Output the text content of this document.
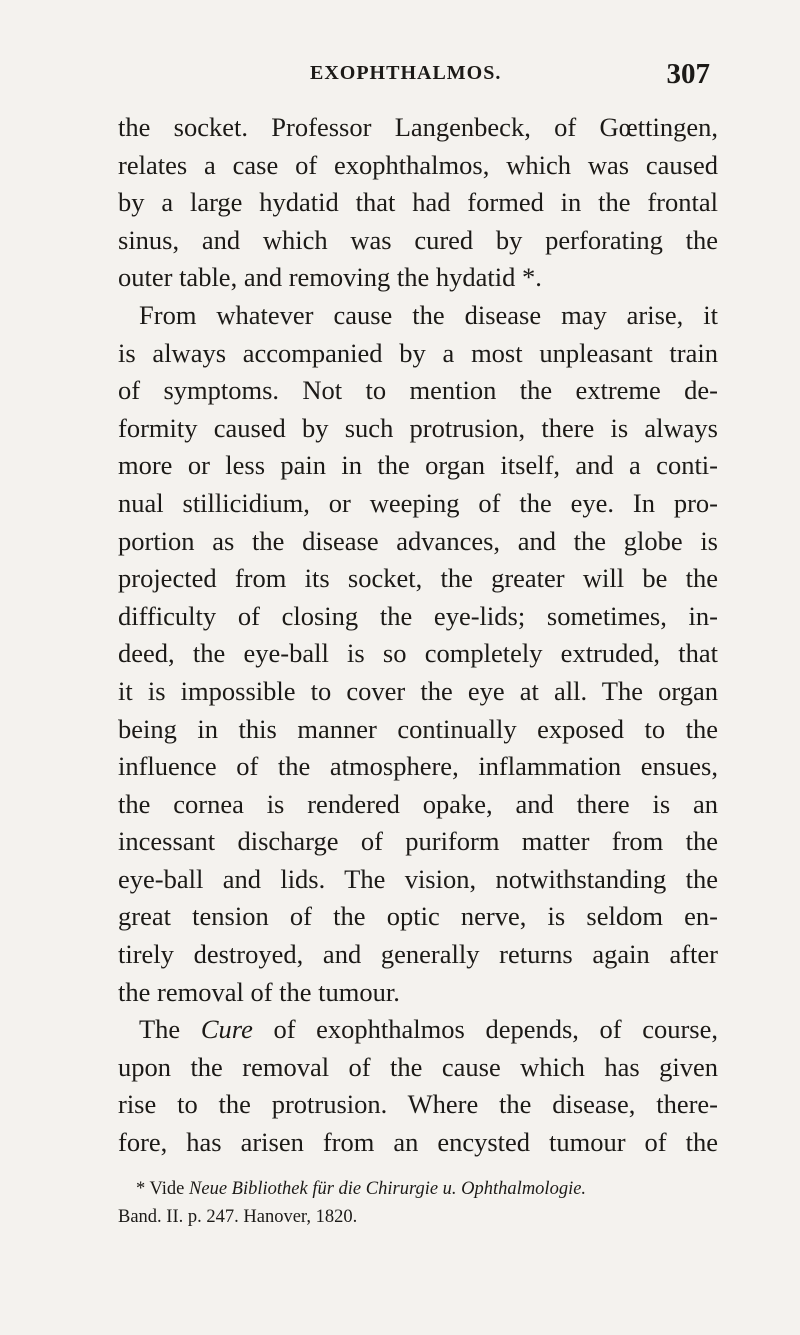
EXOPHTHALMOS.	307
the socket. Professor Langenbeck, of Gœttingen,
relates a case of exophthalmos, which was caused
by a large hydatid that had formed in the frontal
sinus, and which was cured by perforating the
outer table, and removing the hydatid *.
From whatever cause the disease may arise, it
is always accompanied by a most unpleasant train
of symptoms. Not to mention the extreme de-
formity caused by such protrusion, there is always
more or less pain in the organ itself, and a conti-
nual stillicidium, or weeping of the eye. In pro-
portion as the disease advances, and the globe is
projected from its socket, the greater will be the
difficulty of closing the eye-lids; sometimes, in-
deed, the eye-ball is so completely extruded, that
it is impossible to cover the eye at all. The organ
being in this manner continually exposed to the
influence of the atmosphere, inflammation ensues,
the cornea is rendered opake, and there is an
incessant discharge of puriform matter from the
eye-ball and lids. The vision, notwithstanding the
great tension of the optic nerve, is seldom en-
tirely destroyed, and generally returns again after
the removal of the tumour.
The Cure of exophthalmos depends, of course,
upon the removal of the cause which has given
rise to the protrusion. Where the disease, there-
fore, has arisen from an encysted tumour of the
* Vide Neue Bibliothek für die Chirurgie u. Ophthalmologie.
Band. II. p. 247. Hanover, 1820.
